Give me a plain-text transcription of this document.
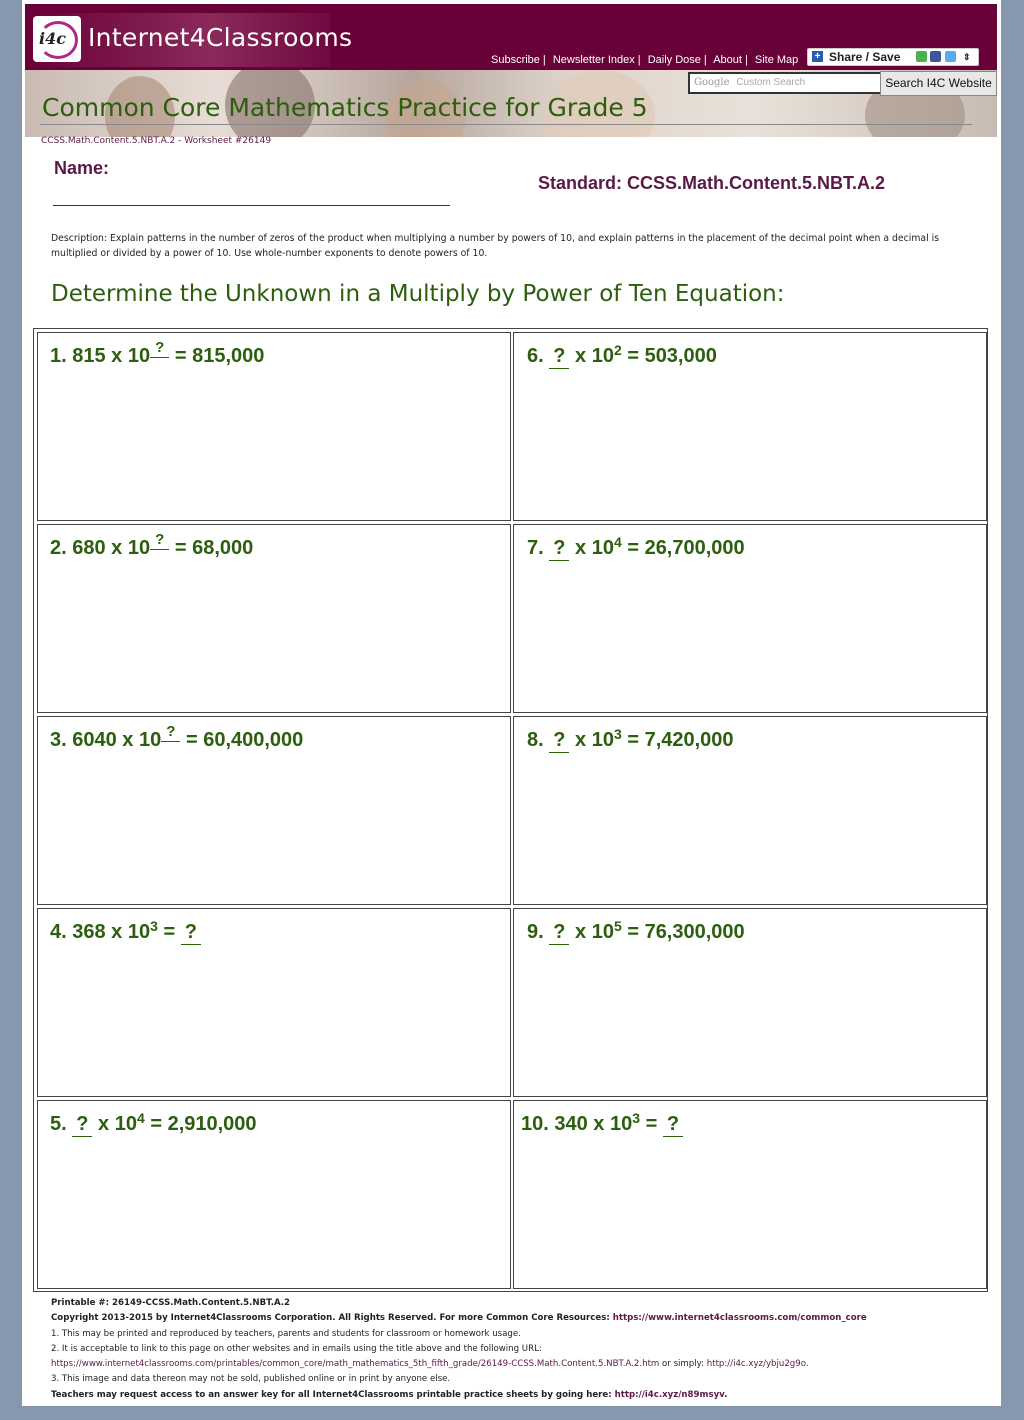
i4c Internet4Classrooms
Subscribe | Newsletter Index | Daily Dose | About | Site Map + Share / Save	⇕
Google Custom Search	Search I4C Website
Common Core Mathematics Practice for Grade 5
CCSS.Math.Content.5.NBT.A.2 - Worksheet #26149
Name:
Standard: CCSS.Math.Content.5.NBT.A.2
Description: Explain patterns in the number of zeros of the product when multiplying a number by powers of 10, and explain patterns in the placement of the decimal point when a decimal is multiplied or divided by a power of 10. Use whole-number exponents to denote powers of 10.
Determine the Unknown in a Multiply by Power of Ten Equation:
1. 815 x 10 ? = 815,000	6. ? x $10^2 = 503,000$
2. 680 x 10 ? = 68,000	7. ? x $10^4 = 26,700,000$
3. 6040 x 10 ? = 60,400,000	8. ? x $10^3 = 7,420,000$
4. 368 x $10^3$ = ?	9. ? x $10^5 = 76,300,000$
5. ? x $10^4 = 2,910,000$	10. 340 x $10^3$ = ?
Printable #: 26149-CCSS.Math.Content.5.NBT.A.2
Copyright 2013-2015 by Internet4Classrooms Corporation. All Rights Reserved. For more Common Core Resources: https://www.internet4classrooms.com/common_core
1. This may be printed and reproduced by teachers, parents and students for classroom or homework usage.
2. It is acceptable to link to this page on other websites and in emails using the title above and the following URL:
https://www.internet4classrooms.com/printables/common_core/math_mathematics_5th_fifth_grade/26149-CCSS.Math.Content.5.NBT.A.2.htm or simply: http://i4c.xyz/ybju2g9o.
3. This image and data thereon may not be sold, published online or in print by anyone else.
Teachers may request access to an answer key for all Internet4Classrooms printable practice sheets by going here: http://i4c.xyz/n89msyv.
